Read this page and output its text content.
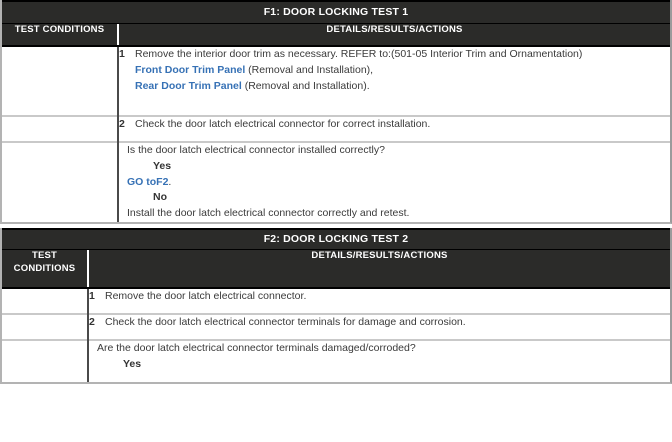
F1: DOOR LOCKING TEST 1
TEST CONDITIONS	DETAILS/RESULTS/ACTIONS

	1 Remove the interior door trim as necessary. REFER to:(501-05 Interior Trim and Ornamentation)
Front Door Trim Panel (Removal and Installation),
Rear Door Trim Panel (Removal and Installation).

	2 Check the door latch electrical connector for correct installation.

	Is the door latch electrical connector installed correctly?
Yes
GO toF2.
No
Install the door latch electrical connector correctly and retest.
F2: DOOR LOCKING TEST 2
TEST CONDITIONS	DETAILS/RESULTS/ACTIONS

	1 Remove the door latch electrical connector.

	2 Check the door latch electrical connector terminals for damage and corrosion.

	Are the door latch electrical connector terminals damaged/corroded?
Yes
